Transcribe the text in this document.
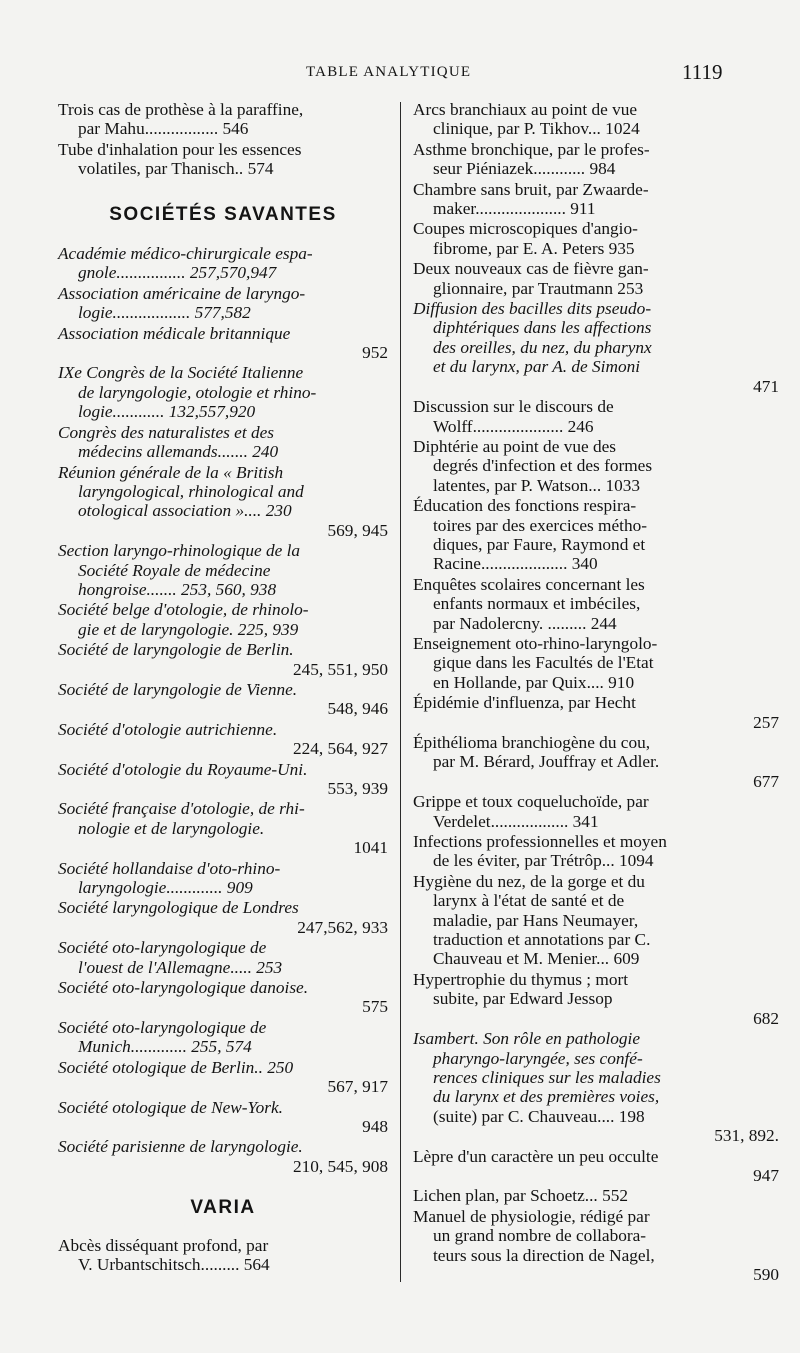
TABLE ANALYTIQUE	1119
Trois cas de prothèse à la paraffine,
par Mahu................. 546
Tube d'inhalation pour les essences
volatiles, par Thanisch.. 574
SOCIÉTÉS SAVANTES
Académie médico-chirurgicale espa-
gnole................ 257,570,947
Association américaine de laryngo-
logie.................. 577,582
Association médicale britannique
952
IXe Congrès de la Société Italienne
de laryngologie, otologie et rhino-
logie............ 132,557,920
Congrès des naturalistes et des
médecins allemands....... 240
Réunion générale de la « British
laryngological, rhinological and
otological association ».... 230
569, 945
Section laryngo-rhinologique de la
Société Royale de médecine
hongroise....... 253, 560, 938
Société belge d'otologie, de rhinolo-
gie et de laryngologie. 225, 939
Société de laryngologie de Berlin.
245, 551, 950
Société de laryngologie de Vienne.
548, 946
Société d'otologie autrichienne.
224, 564, 927
Société d'otologie du Royaume-Uni.
553, 939
Société française d'otologie, de rhi-
nologie et de laryngologie.
1041
Société hollandaise d'oto-rhino-
laryngologie............. 909
Société laryngologique de Londres
247,562, 933
Société oto-laryngologique de
l'ouest de l'Allemagne..... 253
Société oto-laryngologique danoise.
575
Société oto-laryngologique de
Munich............. 255, 574
Société otologique de Berlin.. 250
567, 917
Société otologique de New-York.
948
Société parisienne de laryngologie.
210, 545, 908
VARIA
Abcès disséquant profond, par
V. Urbantschitsch......... 564
Arcs branchiaux au point de vue
clinique, par P. Tikhov... 1024
Asthme bronchique, par le profes-
seur Piéniazek............ 984
Chambre sans bruit, par Zwaarde-
maker..................... 911
Coupes microscopiques d'angio-
fibrome, par E. A. Peters 935
Deux nouveaux cas de fièvre gan-
glionnaire, par Trautmann 253
Diffusion des bacilles dits pseudo-
diphtériques dans les affections
des oreilles, du nez, du pharynx
et du larynx, par A. de Simoni
471
Discussion sur le discours de
Wolff..................... 246
Diphtérie au point de vue des
degrés d'infection et des formes
latentes, par P. Watson... 1033
Éducation des fonctions respira-
toires par des exercices métho-
diques, par Faure, Raymond et
Racine.................... 340
Enquêtes scolaires concernant les
enfants normaux et imbéciles,
par Nadolercny. ......... 244
Enseignement oto-rhino-laryngolo-
gique dans les Facultés de l'Etat
en Hollande, par Quix.... 910
Épidémie d'influenza, par Hecht
257
Épithélioma branchiogène du cou,
par M. Bérard, Jouffray et Adler.
677
Grippe et toux coqueluchoïde, par
Verdelet.................. 341
Infections professionnelles et moyen
de les éviter, par Trétrôp... 1094
Hygiène du nez, de la gorge et du
larynx à l'état de santé et de
maladie, par Hans Neumayer,
traduction et annotations par C.
Chauveau et M. Menier... 609
Hypertrophie du thymus ; mort
subite, par Edward Jessop
682
Isambert. Son rôle en pathologie
pharyngo-laryngée, ses confé-
rences cliniques sur les maladies
du larynx et des premières voies,
(suite) par C. Chauveau.... 198
531, 892.
Lèpre d'un caractère un peu occulte
947
Lichen plan, par Schoetz... 552
Manuel de physiologie, rédigé par
un grand nombre de collabora-
teurs sous la direction de Nagel,
590
